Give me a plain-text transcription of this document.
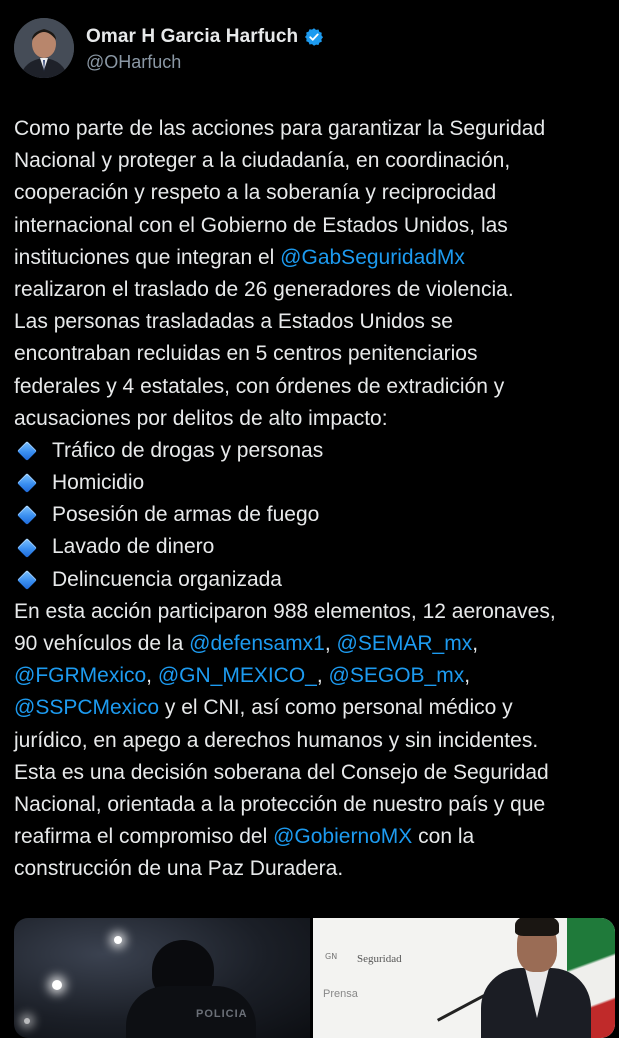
Omar H Garcia Harfuch
@OHarfuch
Como parte de las acciones para garantizar la Seguridad
Nacional y proteger a la ciudadanía, en coordinación,
cooperación y respeto a la soberanía y reciprocidad
internacional con el Gobierno de Estados Unidos, las
instituciones que integran el @GabSeguridadMx
realizaron el traslado de 26 generadores de violencia.
Las personas trasladadas a Estados Unidos se
encontraban recluidas en 5 centros penitenciarios
federales y 4 estatales, con órdenes de extradición y
acusaciones por delitos de alto impacto:
Tráfico de drogas y personas
Homicidio
Posesión de armas de fuego
Lavado de dinero
Delincuencia organizada
En esta acción participaron 988 elementos, 12 aeronaves,
90 vehículos de la @defensamx1, @SEMAR_mx,
@FGRMexico, @GN_MEXICO_, @SEGOB_mx,
@SSPCMexico y el CNI, así como personal médico y
jurídico, en apego a derechos humanos y sin incidentes.
Esta es una decisión soberana del Consejo de Seguridad
Nacional, orientada a la protección de nuestro país y que
reafirma el compromiso del @GobiernoMX con la
construcción de una Paz Duradera.
POLICIA
GN	Seguridad
Prensa
